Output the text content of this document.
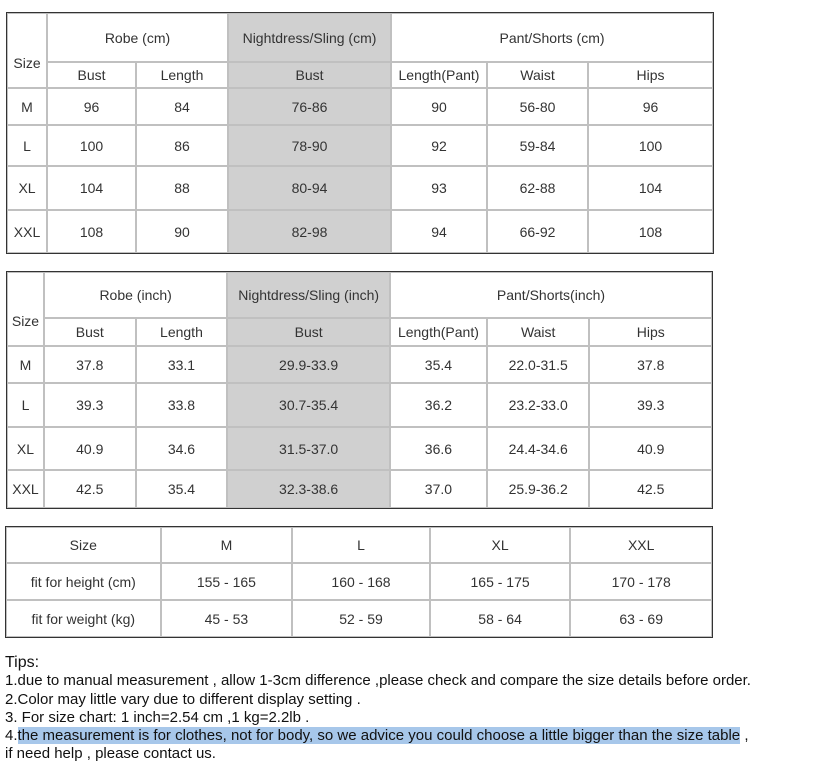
Size	Robe (cm)		Nightdress/Sling (cm)	Pant/Shorts (cm)		
	Bust	Length	Bust	Length(Pant)	Waist	Hips
M	96	84	76-86	90	56-80	96
L	100	86	78-90	92	59-84	100
XL	104	88	80-94	93	62-88	104
XXL	108	90	82-98	94	66-92	108
Size	Robe (inch)		Nightdress/Sling (inch)	Pant/Shorts(inch)		
	Bust	Length	Bust	Length(Pant)	Waist	Hips
M	37.8	33.1	29.9-33.9	35.4	22.0-31.5	37.8
L	39.3	33.8	30.7-35.4	36.2	23.2-33.0	39.3
XL	40.9	34.6	31.5-37.0	36.6	24.4-34.6	40.9
XXL	42.5	35.4	32.3-38.6	37.0	25.9-36.2	42.5
Size	M	L	XL	XXL
fit for height (cm)	155 - 165	160 - 168	165 - 175	170 - 178
fit for weight (kg)	45 - 53	52 - 59	58 - 64	63 - 69
Tips:
1.due to manual measurement , allow 1-3cm difference ,please check and compare the size details before order.
2.Color may little vary due to different display setting .
3. For size chart: 1 inch=2.54 cm ,1 kg=2.2lb .
4.the measurement is for clothes, not for body, so we advice you could choose a little bigger than the size table ,
if need help , please contact us.
